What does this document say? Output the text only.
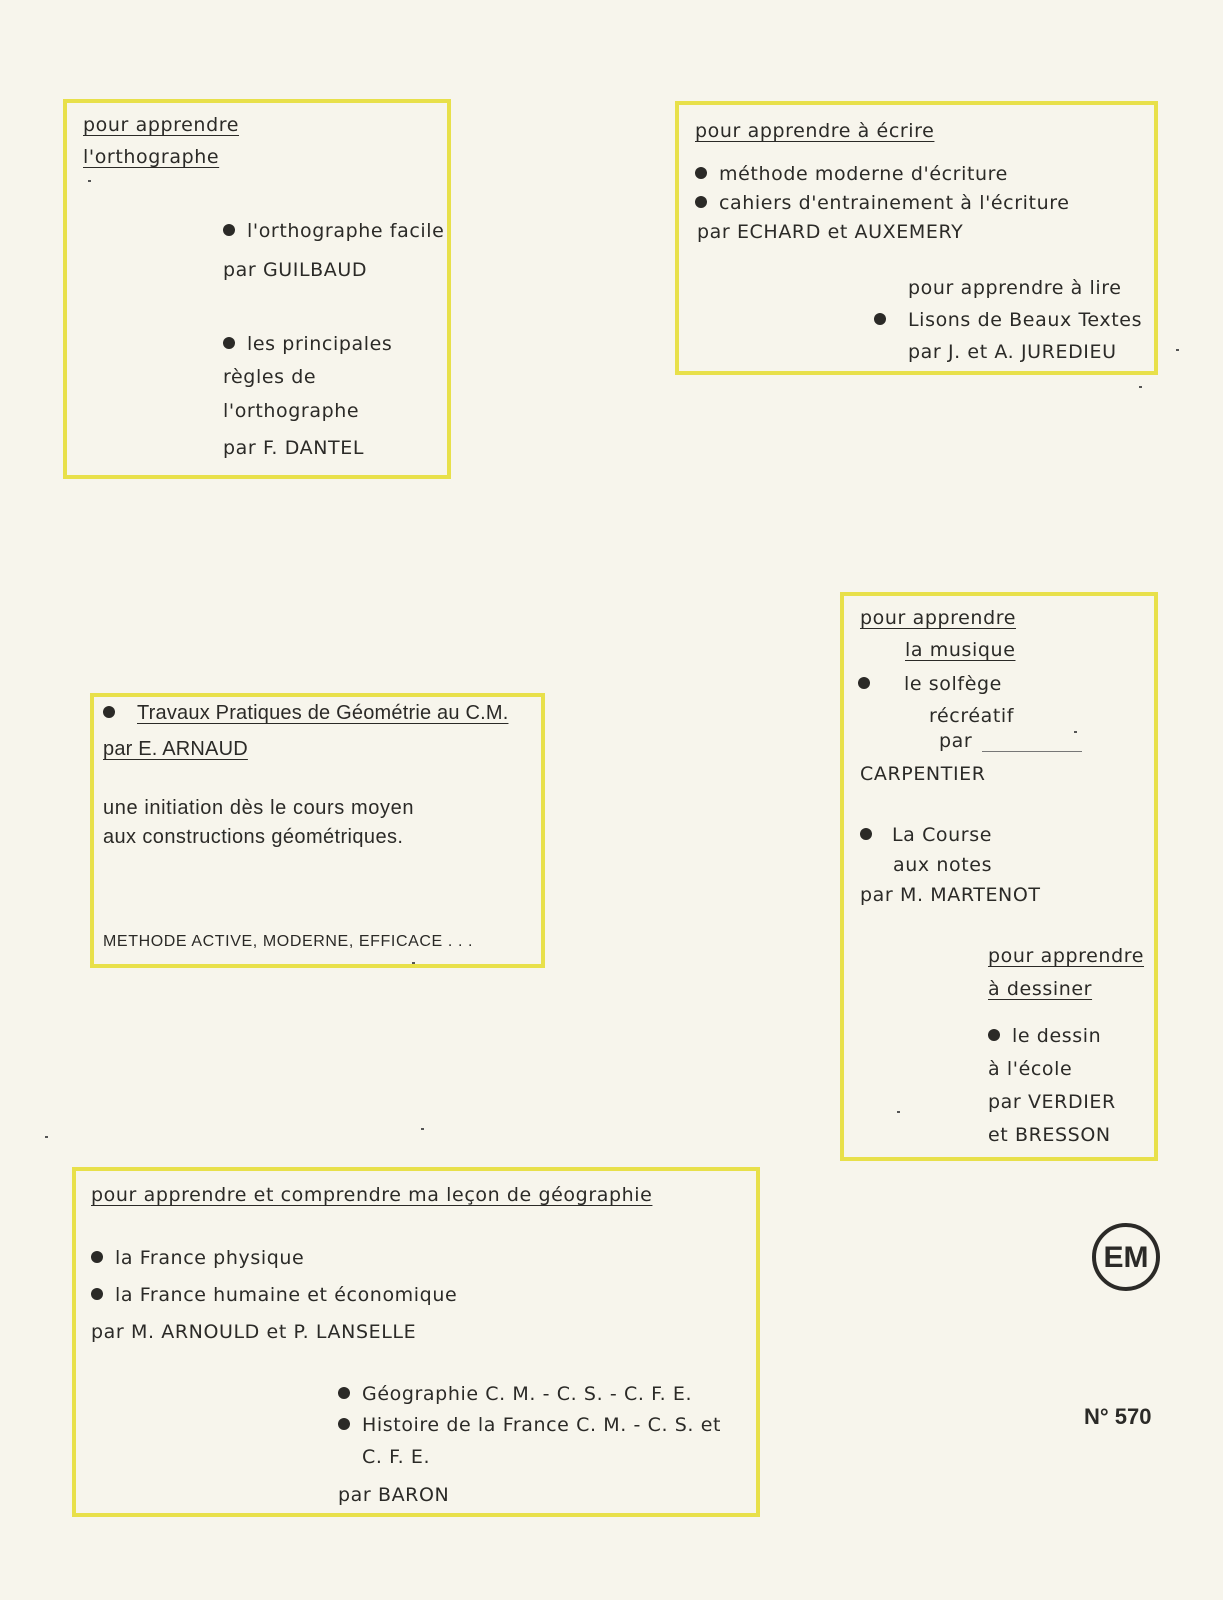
pour apprendre
l'orthographe
l'orthographe facile
par GUILBAUD
les principales
règles de
l'orthographe
par F. DANTEL
pour apprendre à écrire
méthode moderne d'écriture
cahiers d'entrainement à l'écriture
par ECHARD et AUXEMERY
pour apprendre à lire
Lisons de Beaux Textes
par J. et A. JUREDIEU
Travaux Pratiques de Géométrie au C.M.
par E. ARNAUD
une initiation dès le cours moyen
aux constructions géométriques.
METHODE ACTIVE, MODERNE, EFFICACE . . .
pour apprendre
la musique
le solfège
récréatif
par
CARPENTIER
La Course
aux notes
par M. MARTENOT
pour apprendre
à dessiner
le dessin
à l'école
par VERDIER
et BRESSON
pour apprendre et comprendre ma leçon de géographie
la France physique
la France humaine et économique
par M. ARNOULD et P. LANSELLE
Géographie C. M. - C. S. - C. F. E.
Histoire de la France C. M. - C. S. et
C. F. E.
par BARON
EM
N° 570
